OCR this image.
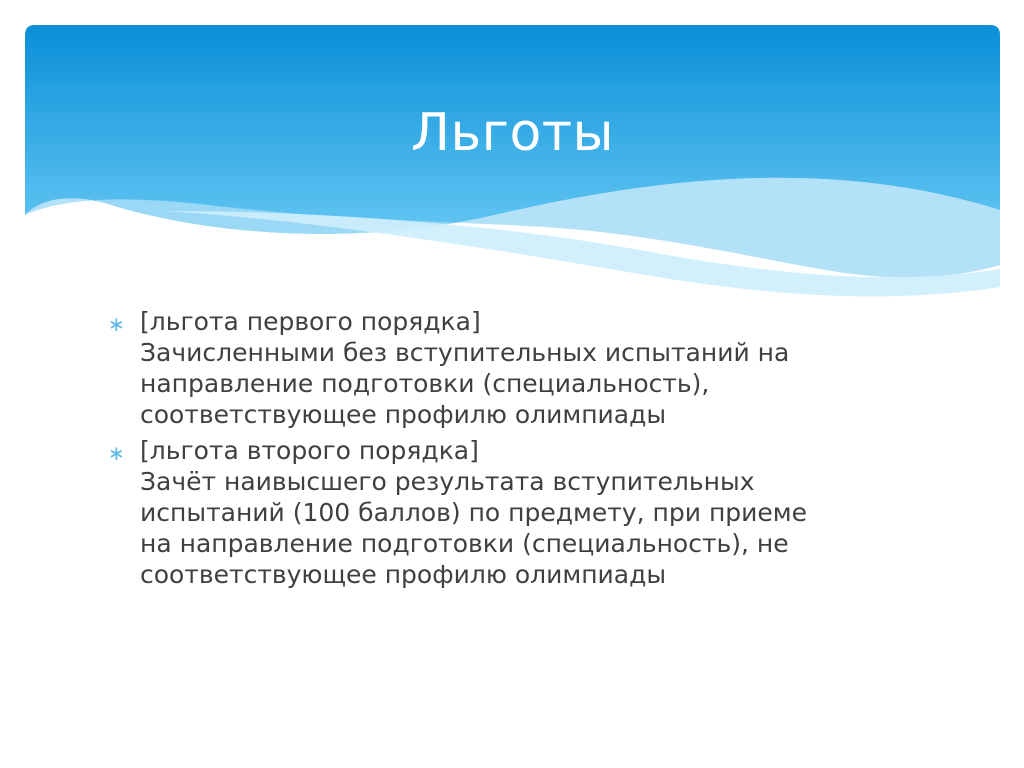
Льготы
∗ [льгота первого порядка]
Зачисленными без вступительных испытаний на
направление подготовки (специальность),
соответствующее профилю олимпиады
∗ [льгота второго порядка]
Зачёт наивысшего результата вступительных
испытаний (100 баллов) по предмету, при приеме
на направление подготовки (специальность), не
соответствующее профилю олимпиады
